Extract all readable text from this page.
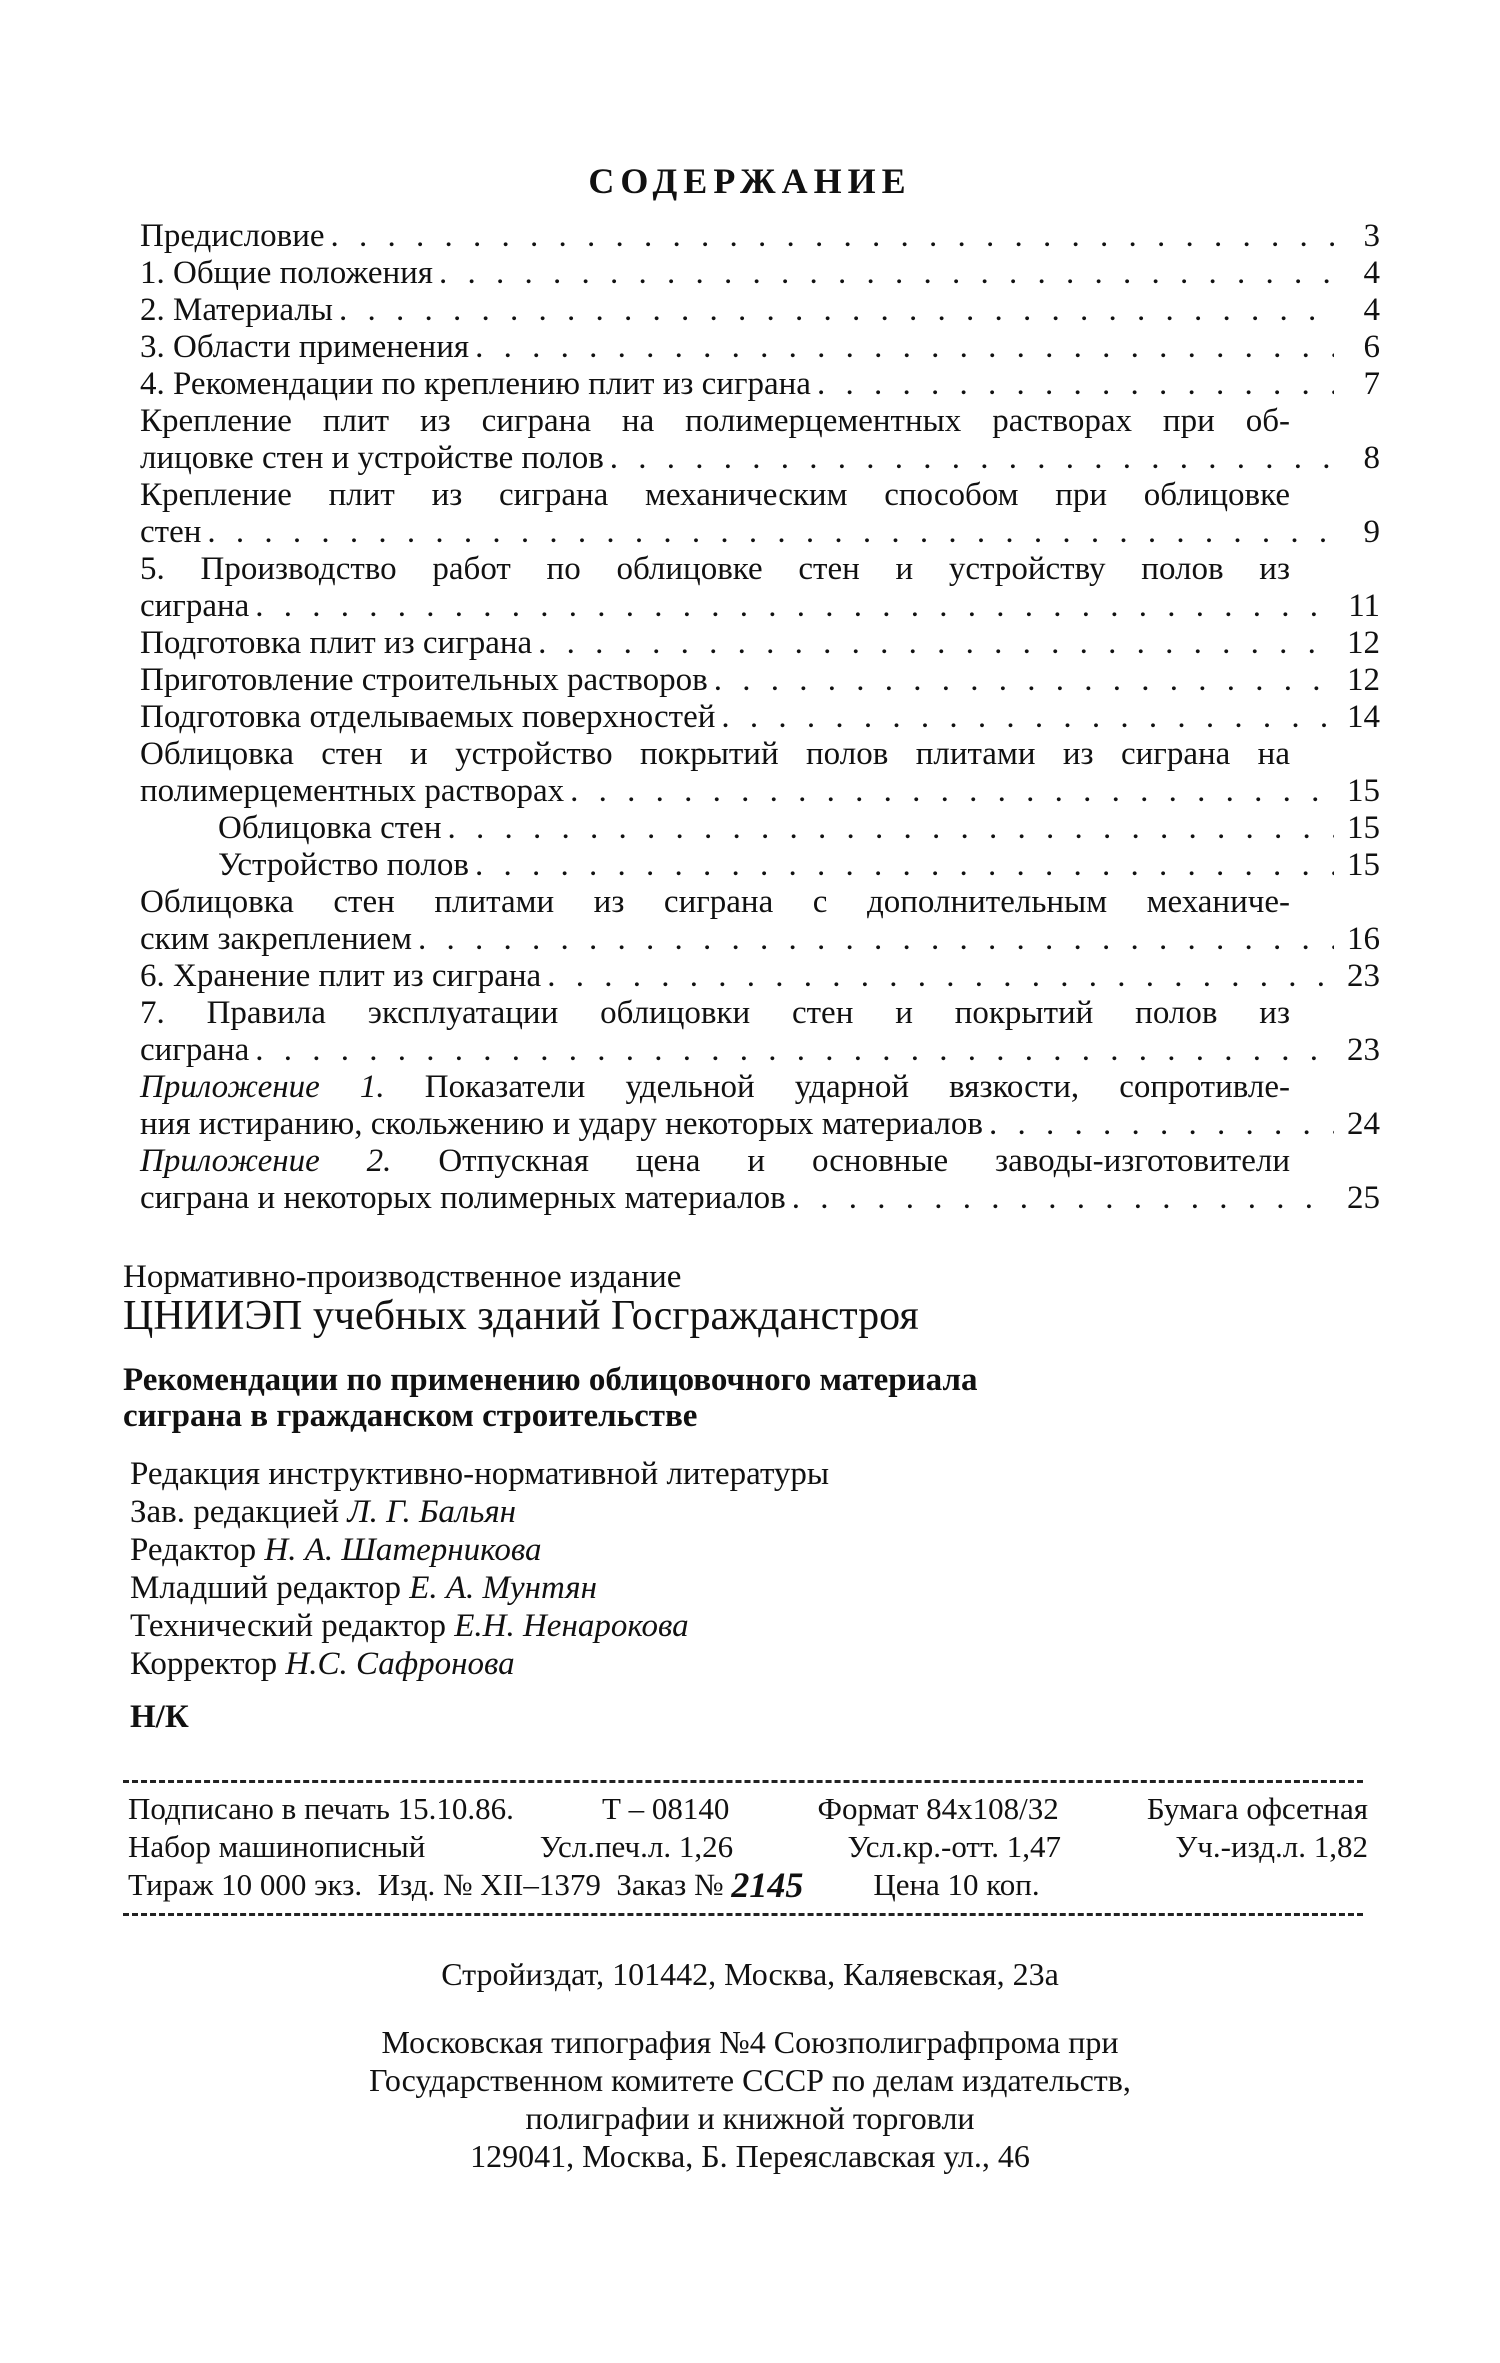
СОДЕРЖАНИЕ
Предисловие . . .	3
1. Общие положения . . .	4
2. Материалы . . .	4
3. Области применения . . .	6
4. Рекомендации по креплению плит из сиграна . . .	7
Крепление плит из сиграна на полимерцементных растворах при об-
лицовке стен и устройстве полов . . .	8
Крепление плит из сиграна механическим способом при облицовке
стен . . .	9
5. Производство работ по облицовке стен и устройству полов из
сиграна . . .	11
Подготовка плит из сиграна . . .	12
Приготовление строительных растворов . . .	12
Подготовка отделываемых поверхностей . . .	14
Облицовка стен и устройство покрытий полов плитами из сиграна на
полимерцементных растворах . . .	15
Облицовка стен . . .	15
Устройство полов . . .	15
Облицовка стен плитами из сиграна с дополнительным механиче-
ским закреплением . . .	16
6. Хранение плит из сиграна . . .	23
7. Правила эксплуатации облицовки стен и покрытий полов из
сиграна . . .	23
Приложение 1. Показатели удельной ударной вязкости, сопротивле-
ния истиранию, скольжению и удару некоторых материалов . . .	24
Приложение 2. Отпускная цена и основные заводы-изготовители
сиграна и некоторых полимерных материалов . . .	25
Нормативно-производственное издание
ЦНИИЭП учебных зданий Госгражданстроя
Рекомендации по применению облицовочного материала
сиграна в гражданском строительстве
Редакция инструктивно-нормативной литературы
Зав. редакцией Л. Г. Бальян
Редактор Н. А. Шатерникова
Младший редактор Е. А. Мунтян
Технический редактор Е.Н. Ненарокова
Корректор Н.С. Сафронова
Н/К
Подписано в печать 15.10.86.	Т – 08140	Формат 84х108/32	Бумага офсетная
Набор машинописный	Усл.печ.л. 1,26	Усл.кр.-отт. 1,47	Уч.-изд.л. 1,82
Тираж 10 000 экз.  Изд. № XII–1379  Заказ № 2145 Цена 10 коп.
Стройиздат, 101442, Москва, Каляевская, 23а
Московская типография №4 Союзполиграфпрома при
Государственном комитете СССР по делам издательств,
полиграфии и книжной торговли
129041, Москва, Б. Переяславская ул., 46
